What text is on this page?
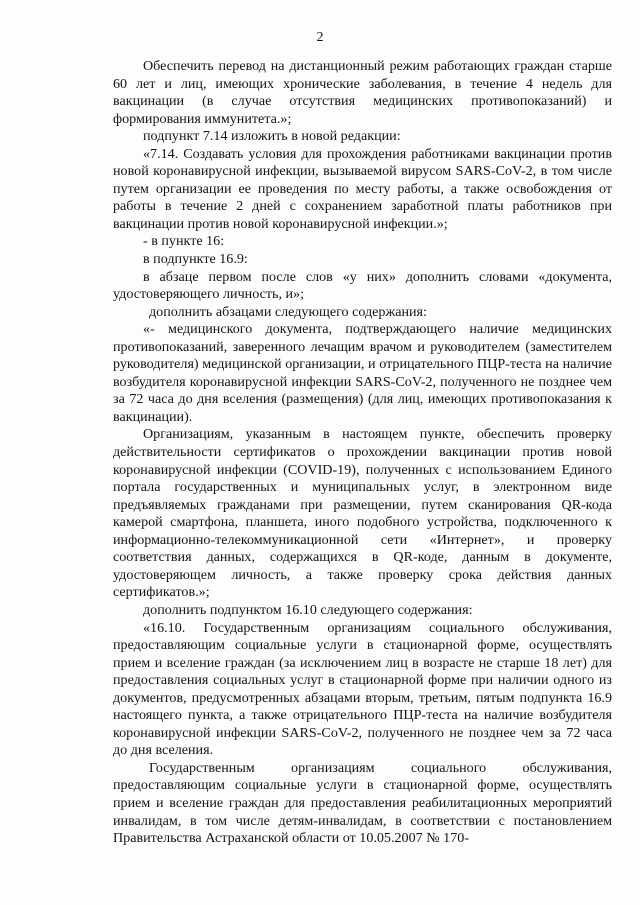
2

Обеспечить перевод на дистанционный режим работающих граждан старше 60 лет и лиц, имеющих хронические заболевания, в течение 4 недель для вакцинации (в случае отсутствия медицинских противопоказаний) и формирования иммунитета.»;

подпункт 7.14 изложить в новой редакции:

«7.14. Создавать условия для прохождения работниками вакцинации против новой коронавирусной инфекции, вызываемой вирусом SARS-CoV-2, в том числе путем организации ее проведения по месту работы, а также освобождения от работы в течение 2 дней с сохранением заработной платы работников при вакцинации против новой коронавирусной инфекции.»;

- в пункте 16:

в подпункте 16.9:

в абзаце первом после слов «у них» дополнить словами «документа, удостоверяющего личность, и»;

дополнить абзацами следующего содержания:

«- медицинского документа, подтверждающего наличие медицинских противопоказаний, заверенного лечащим врачом и руководителем (заместителем руководителя) медицинской организации, и отрицательного ПЦР-теста на наличие возбудителя коронавирусной инфекции SARS-CoV-2, полученного не позднее чем за 72 часа до дня вселения (размещения) (для лиц, имеющих противопоказания к вакцинации).

Организациям, указанным в настоящем пункте, обеспечить проверку действительности сертификатов о прохождении вакцинации против новой коронавирусной инфекции (COVID-19), полученных с использованием Единого портала государственных и муниципальных услуг, в электронном виде предъявляемых гражданами при размещении, путем сканирования QR-кода камерой смартфона, планшета, иного подобного устройства, подключенного к информационно-телекоммуникационной сети «Интернет», и проверку соответствия данных, содержащихся в QR-коде, данным в документе, удостоверяющем личность, а также проверку срока действия данных сертификатов.»;

дополнить подпунктом 16.10 следующего содержания:

«16.10. Государственным организациям социального обслуживания, предоставляющим социальные услуги в стационарной форме, осуществлять прием и вселение граждан (за исключением лиц в возрасте не старше 18 лет) для предоставления социальных услуг в стационарной форме при наличии одного из документов, предусмотренных абзацами вторым, третьим, пятым подпункта 16.9 настоящего пункта, а также отрицательного ПЦР-теста на наличие возбудителя коронавирусной инфекции SARS-CoV-2, полученного не позднее чем за 72 часа до дня вселения.

Государственным организациям социального обслуживания, предоставляющим социальные услуги в стационарной форме, осуществлять прием и вселение граждан для предоставления реабилитационных мероприятий инвалидам, в том числе детям-инвалидам, в соответствии с постановлением Правительства Астраханской области от 10.05.2007 № 170-
